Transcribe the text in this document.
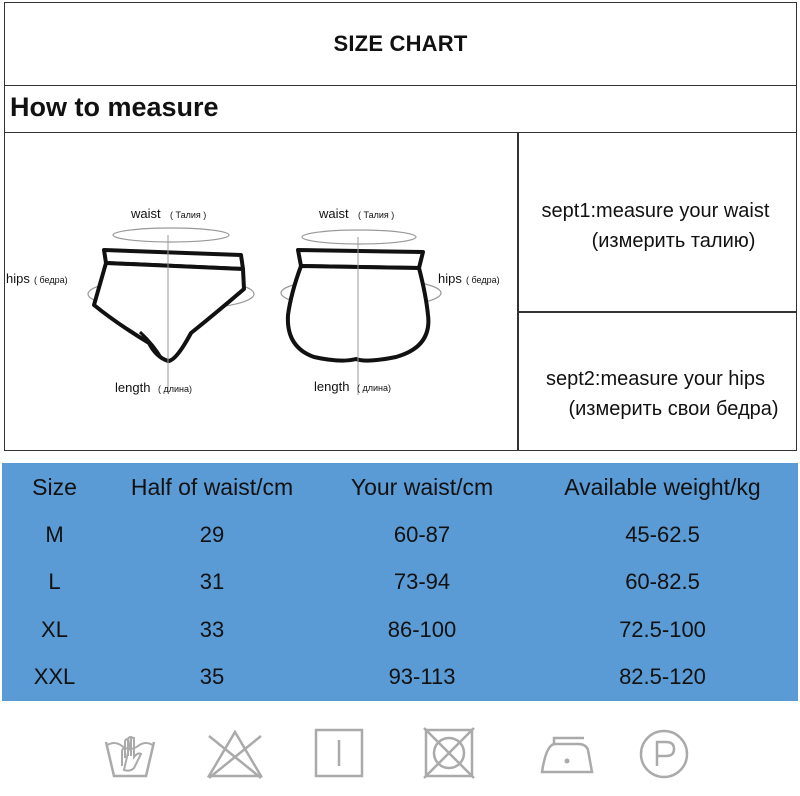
SIZE CHART
How to measure
waist ( Талия )	waist ( Талия )
hips ( бедра)	hips ( бедра)
length ( длина)	length ( длина)
sept1:measure your waist
(измерить талию)
sept2:measure your hips
(измерить свои бедра)
Size	Half of waist/cm	Your waist/cm	Available weight/kg
M	29	60-87	45-62.5
L	31	73-94	60-82.5
XL	33	86-100	72.5-100
XXL	35	93-113	82.5-120
